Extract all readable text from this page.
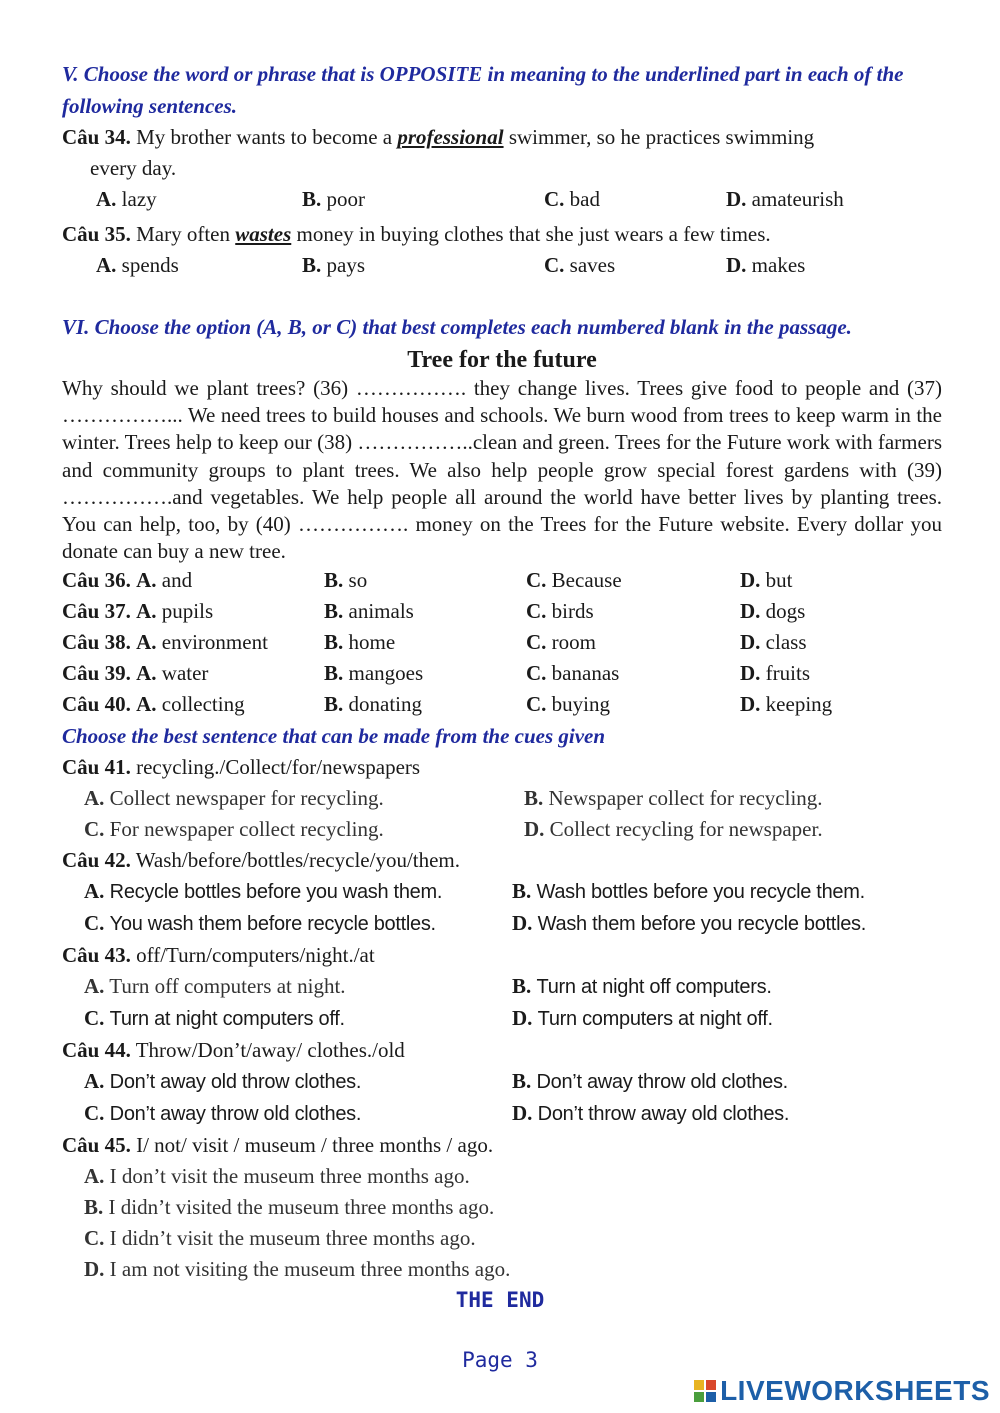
V. Choose the word or phrase that is OPPOSITE in meaning to the underlined part in each of the following sentences.

Câu 34. My brother wants to become a professional swimmer, so he practices swimming

every day.

A. lazy	B. poor	C. bad	D. amateurish

Câu 35. Mary often wastes money in buying clothes that she just wears a few times.

A. spends	B. pays	C. saves	D. makes

VI. Choose the option (A, B, or C) that best completes each numbered blank in the passage.

Tree for the future

Why should we plant trees? (36) ……………. they change lives. Trees give food to people and (37) ……………... We need trees to build houses and schools. We burn wood from trees to keep warm in the winter. Trees help to keep our (38) ……………..clean and green. Trees for the Future work with farmers and community groups to plant trees. We also help people grow special forest gardens with (39) …………….and vegetables. We help people all around the world have better lives by planting trees. You can help, too, by (40) ……………. money on the Trees for the Future website. Every dollar you donate can buy a new tree.

Câu 36. A. and	B. so	C. Because	D. but
Câu 37. A. pupils	B. animals	C. birds	D. dogs
Câu 38. A. environment	B. home	C. room	D. class
Câu 39. A. water	B. mangoes	C. bananas	D. fruits
Câu 40. A. collecting	B. donating	C. buying	D. keeping

Choose the best sentence that can be made from the cues given

Câu 41. recycling./Collect/for/newspapers

A. Collect newspaper for recycling.	B. Newspaper collect for recycling.
C. For newspaper collect recycling.	D. Collect recycling for newspaper.

Câu 42. Wash/before/bottles/recycle/you/them.

A. Recycle bottles before you wash them.	B. Wash bottles before you recycle them.
C. You wash them before recycle bottles.	D. Wash them before you recycle bottles.

Câu 43. off/Turn/computers/night./at

A. Turn off computers at night.	B. Turn at night off computers.
C. Turn at night computers off.	D. Turn computers at night off.

Câu 44. Throw/Don’t/away/ clothes./old

A. Don’t away old throw clothes.	B. Don’t away throw old clothes.
C. Don’t away throw old clothes.	D. Don’t throw away old clothes.

Câu 45. I/ not/ visit / museum / three months / ago.

A. I don’t visit the museum three months ago.
B. I didn’t visited the museum three months ago.
C. I didn’t visit the museum three months ago.
D. I am not visiting the museum three months ago.
THE END
Page 3
LIVEWORKSHEETS
